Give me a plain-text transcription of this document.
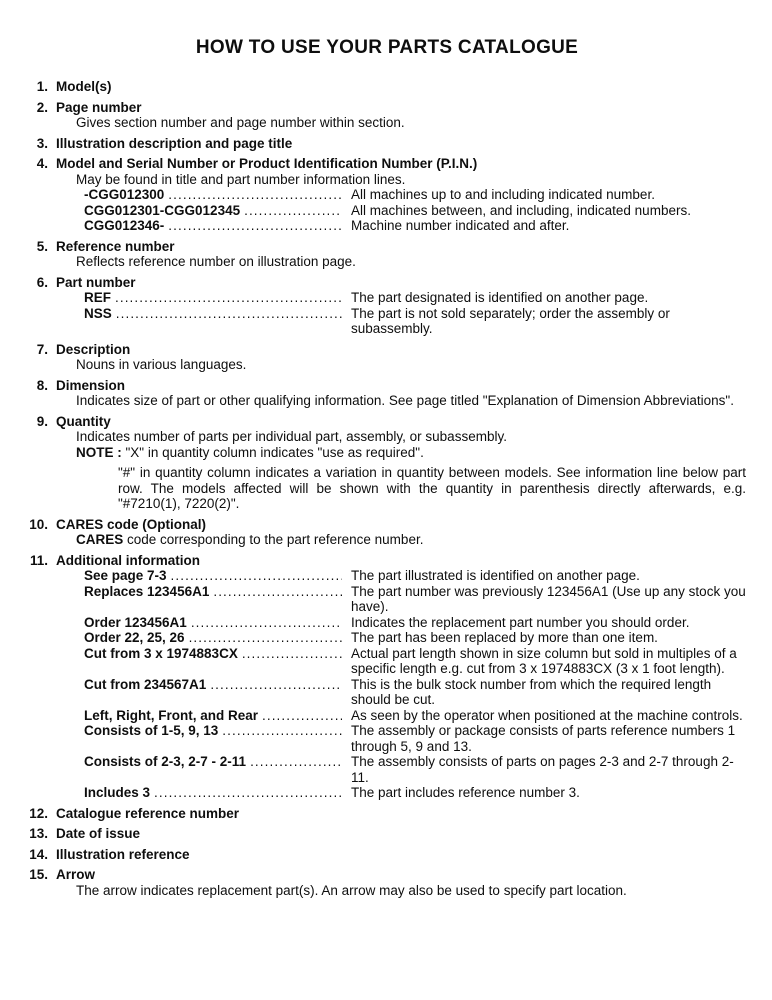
HOW TO USE YOUR PARTS CATALOGUE
1. Model(s)
2. Page number

Gives section number and page number within section.

3. Illustration description and page title
4. Model and Serial Number or Product Identification Number (P.I.N.)

May be found in title and part number information lines.

-CGG012300 .....	All machines up to and including indicated number.
CGG012301-CGG012345 .....	All machines between, and including, indicated numbers.
CGG012346- .....	Machine number indicated and after.
5. Reference number

Reflects reference number on illustration page.

6. Part number
REF .....	The part designated is identified on another page.
NSS .....	The part is not sold separately; order the assembly or subassembly.
7. Description

Nouns in various languages.

8. Dimension

Indicates size of part or other qualifying information. See page titled "Explanation of Dimension Abbreviations".

9. Quantity

Indicates number of parts per individual part, assembly, or subassembly.

NOTE : "X" in quantity column indicates "use as required".

"#" in quantity column indicates a variation in quantity between models. See information line below part row. The models affected will be shown with the quantity in parenthesis directly afterwards, e.g. "#7210(1), 7220(2)".

10. CARES code (Optional)

CARES code corresponding to the part reference number.

11. Additional information
See page 7-3 .....	The part illustrated is identified on another page.
Replaces 123456A1 .....	The part number was previously 123456A1 (Use up any stock you have).
Order 123456A1 .....	Indicates the replacement part number you should order.
Order 22, 25, 26 .....	The part has been replaced by more than one item.
Cut from 3 x 1974883CX .....	Actual part length shown in size column but sold in multiples of a specific length e.g. cut from 3 x 1974883CX (3 x 1 foot length).
Cut from 234567A1 .....	This is the bulk stock number from which the required length should be cut.
Left, Right, Front, and Rear .....	As seen by the operator when positioned at the machine controls.
Consists of 1-5, 9, 13 .....	The assembly or package consists of parts reference numbers 1 through 5, 9 and 13.
Consists of 2-3, 2-7 - 2-11 .....	The assembly consists of parts on pages 2-3 and 2-7 through 2-11.
Includes 3 .....	The part includes reference number 3.
12. Catalogue reference number
13. Date of issue
14. Illustration reference
15. Arrow

The arrow indicates replacement part(s). An arrow may also be used to specify part location.
